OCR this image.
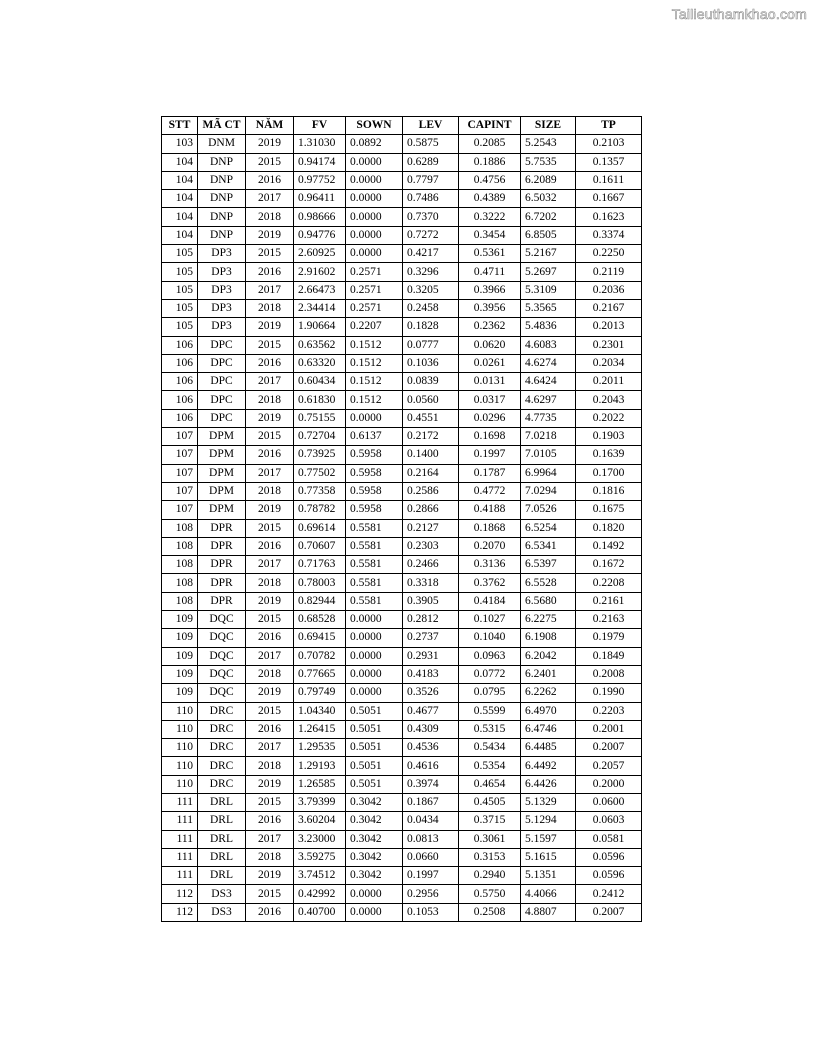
Tailieuthamkhao.com
STT	MÃ CT	NĂM	FV	SOWN	LEV	CAPINT	SIZE	TP
103	DNM	2019	1.31030	0.0892	0.5875	0.2085	5.2543	0.2103
104	DNP	2015	0.94174	0.0000	0.6289	0.1886	5.7535	0.1357
104	DNP	2016	0.97752	0.0000	0.7797	0.4756	6.2089	0.1611
104	DNP	2017	0.96411	0.0000	0.7486	0.4389	6.5032	0.1667
104	DNP	2018	0.98666	0.0000	0.7370	0.3222	6.7202	0.1623
104	DNP	2019	0.94776	0.0000	0.7272	0.3454	6.8505	0.3374
105	DP3	2015	2.60925	0.0000	0.4217	0.5361	5.2167	0.2250
105	DP3	2016	2.91602	0.2571	0.3296	0.4711	5.2697	0.2119
105	DP3	2017	2.66473	0.2571	0.3205	0.3966	5.3109	0.2036
105	DP3	2018	2.34414	0.2571	0.2458	0.3956	5.3565	0.2167
105	DP3	2019	1.90664	0.2207	0.1828	0.2362	5.4836	0.2013
106	DPC	2015	0.63562	0.1512	0.0777	0.0620	4.6083	0.2301
106	DPC	2016	0.63320	0.1512	0.1036	0.0261	4.6274	0.2034
106	DPC	2017	0.60434	0.1512	0.0839	0.0131	4.6424	0.2011
106	DPC	2018	0.61830	0.1512	0.0560	0.0317	4.6297	0.2043
106	DPC	2019	0.75155	0.0000	0.4551	0.0296	4.7735	0.2022
107	DPM	2015	0.72704	0.6137	0.2172	0.1698	7.0218	0.1903
107	DPM	2016	0.73925	0.5958	0.1400	0.1997	7.0105	0.1639
107	DPM	2017	0.77502	0.5958	0.2164	0.1787	6.9964	0.1700
107	DPM	2018	0.77358	0.5958	0.2586	0.4772	7.0294	0.1816
107	DPM	2019	0.78782	0.5958	0.2866	0.4188	7.0526	0.1675
108	DPR	2015	0.69614	0.5581	0.2127	0.1868	6.5254	0.1820
108	DPR	2016	0.70607	0.5581	0.2303	0.2070	6.5341	0.1492
108	DPR	2017	0.71763	0.5581	0.2466	0.3136	6.5397	0.1672
108	DPR	2018	0.78003	0.5581	0.3318	0.3762	6.5528	0.2208
108	DPR	2019	0.82944	0.5581	0.3905	0.4184	6.5680	0.2161
109	DQC	2015	0.68528	0.0000	0.2812	0.1027	6.2275	0.2163
109	DQC	2016	0.69415	0.0000	0.2737	0.1040	6.1908	0.1979
109	DQC	2017	0.70782	0.0000	0.2931	0.0963	6.2042	0.1849
109	DQC	2018	0.77665	0.0000	0.4183	0.0772	6.2401	0.2008
109	DQC	2019	0.79749	0.0000	0.3526	0.0795	6.2262	0.1990
110	DRC	2015	1.04340	0.5051	0.4677	0.5599	6.4970	0.2203
110	DRC	2016	1.26415	0.5051	0.4309	0.5315	6.4746	0.2001
110	DRC	2017	1.29535	0.5051	0.4536	0.5434	6.4485	0.2007
110	DRC	2018	1.29193	0.5051	0.4616	0.5354	6.4492	0.2057
110	DRC	2019	1.26585	0.5051	0.3974	0.4654	6.4426	0.2000
111	DRL	2015	3.79399	0.3042	0.1867	0.4505	5.1329	0.0600
111	DRL	2016	3.60204	0.3042	0.0434	0.3715	5.1294	0.0603
111	DRL	2017	3.23000	0.3042	0.0813	0.3061	5.1597	0.0581
111	DRL	2018	3.59275	0.3042	0.0660	0.3153	5.1615	0.0596
111	DRL	2019	3.74512	0.3042	0.1997	0.2940	5.1351	0.0596
112	DS3	2015	0.42992	0.0000	0.2956	0.5750	4.4066	0.2412
112	DS3	2016	0.40700	0.0000	0.1053	0.2508	4.8807	0.2007
